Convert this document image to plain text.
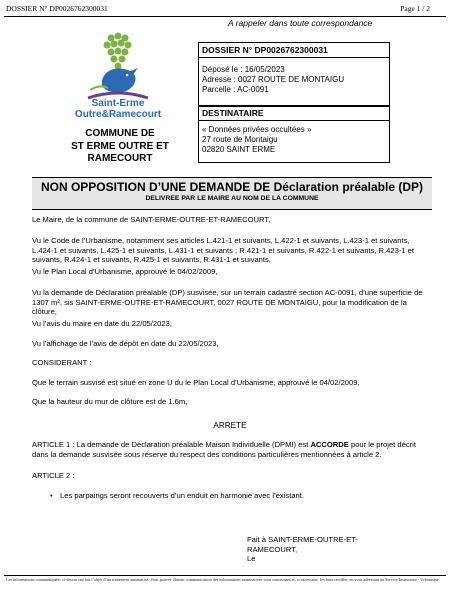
DOSSIER N° DP0026762300031	Page 1 / 2
Saint-Erme
Outre&Ramecourt
COMMUNE DE
ST ERME OUTRE ET
RAMECOURT
A rappeler dans toute correspondance
DOSSIER N° DP0026762300031
Déposé le : 16/05/2023
Adresse : 0027 ROUTE DE MONTAIGU
Parcelle : AC-0091
DESTINATAIRE
« Données privées occultées »
27 route de Montaigu
02820 SAINT ERME
NON OPPOSITION D’UNE DEMANDE DE Déclaration préalable (DP)
DELIVREE PAR LE MAIRE AU NOM DE LA COMMUNE

Le Maire, de la commune de SAINT-ERME-OUTRE-ET-RAMECOURT,

Vu le Code de l’Urbanisme, notamment ses articles L.421-1 et suivants, L.422-1 et suivants, L.423-1 et suivants, L.424-1 et suivants, L.425-1 et suivants, L.431-1 et suivants ; R.421-1 et suivants, R.422-1 et suivants, R.423-1 et suivants, R.424-1 et suivants, R.425-1 et suivants, R.431-1 et suivants,

Vu le Plan Local d’Urbanisme, approuvé le 04/02/2009,

Vu la demande de Déclaration préalable (DP) susvisée, sur un terrain cadastré section AC-0091, d’une superficie de 1307 m², sis SAINT-ERME-OUTRE-ET-RAMECOURT, 0027 ROUTE DE MONTAIGU, pour la modification de la clôture,

Vu l’avis du maire en date du 22/05/2023,

Vu l’affichage de l’avis de dépôt en date du 22/05/2023,

CONSIDERANT :

Que le terrain susvisé est situé en zone U du le Plan Local d’Urbanisme, approuvé le 04/02/2009,

Que la hauteur du mur de clôture est de 1.6m,

ARRETE

ARTICLE 1 : La demande de Déclaration préalable Maison Individuelle (DPMI) est ACCORDE pour le projet décrit dans la demande susvisée sous réserve du respect des conditions particulières mentionnées à article 2.

ARTICLE 2 :

• Les parpaings seront recouverts d’un enduit en harmonie avec l’existant.

Fait à SAINT-ERME-OUTRE-ET-RAMECOURT,
Le
Les informations communiquées ci-dessus ont fait l’objet d’un traitement automatisé. Vous pouvez obtenir communication des informations nominatives vous concernant et, si nécessaire, les faire rectifier, en vous adressant au Service Instructeur - Urbanisme.
